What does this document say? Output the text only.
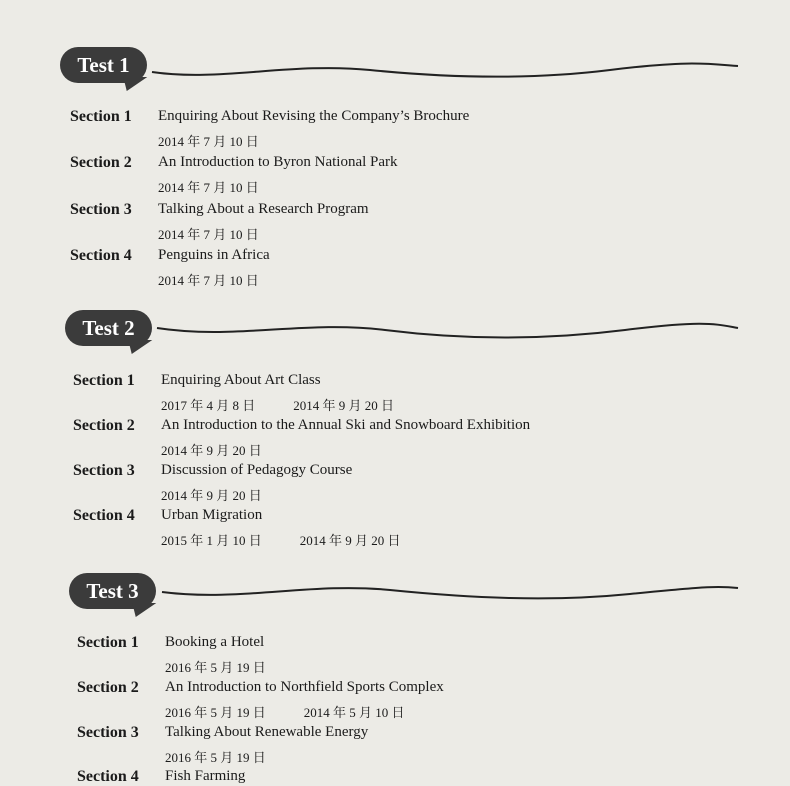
Test 1
Section 1 Enquiring About Revising the Company’s Brochure
2014 年 7 月 10 日
Section 2 An Introduction to Byron National Park
2014 年 7 月 10 日
Section 3 Talking About a Research Program
2014 年 7 月 10 日
Section 4 Penguins in Africa
2014 年 7 月 10 日
Test 2
Section 1 Enquiring About Art Class
2017 年 4 月 8 日	2014 年 9 月 20 日
Section 2 An Introduction to the Annual Ski and Snowboard Exhibition
2014 年 9 月 20 日
Section 3 Discussion of Pedagogy Course
2014 年 9 月 20 日
Section 4 Urban Migration
2015 年 1 月 10 日	2014 年 9 月 20 日
Test 3
Section 1 Booking a Hotel
2016 年 5 月 19 日
Section 2 An Introduction to Northfield Sports Complex
2016 年 5 月 19 日	2014 年 5 月 10 日
Section 3 Talking About Renewable Energy
2016 年 5 月 19 日
Section 4 Fish Farming
